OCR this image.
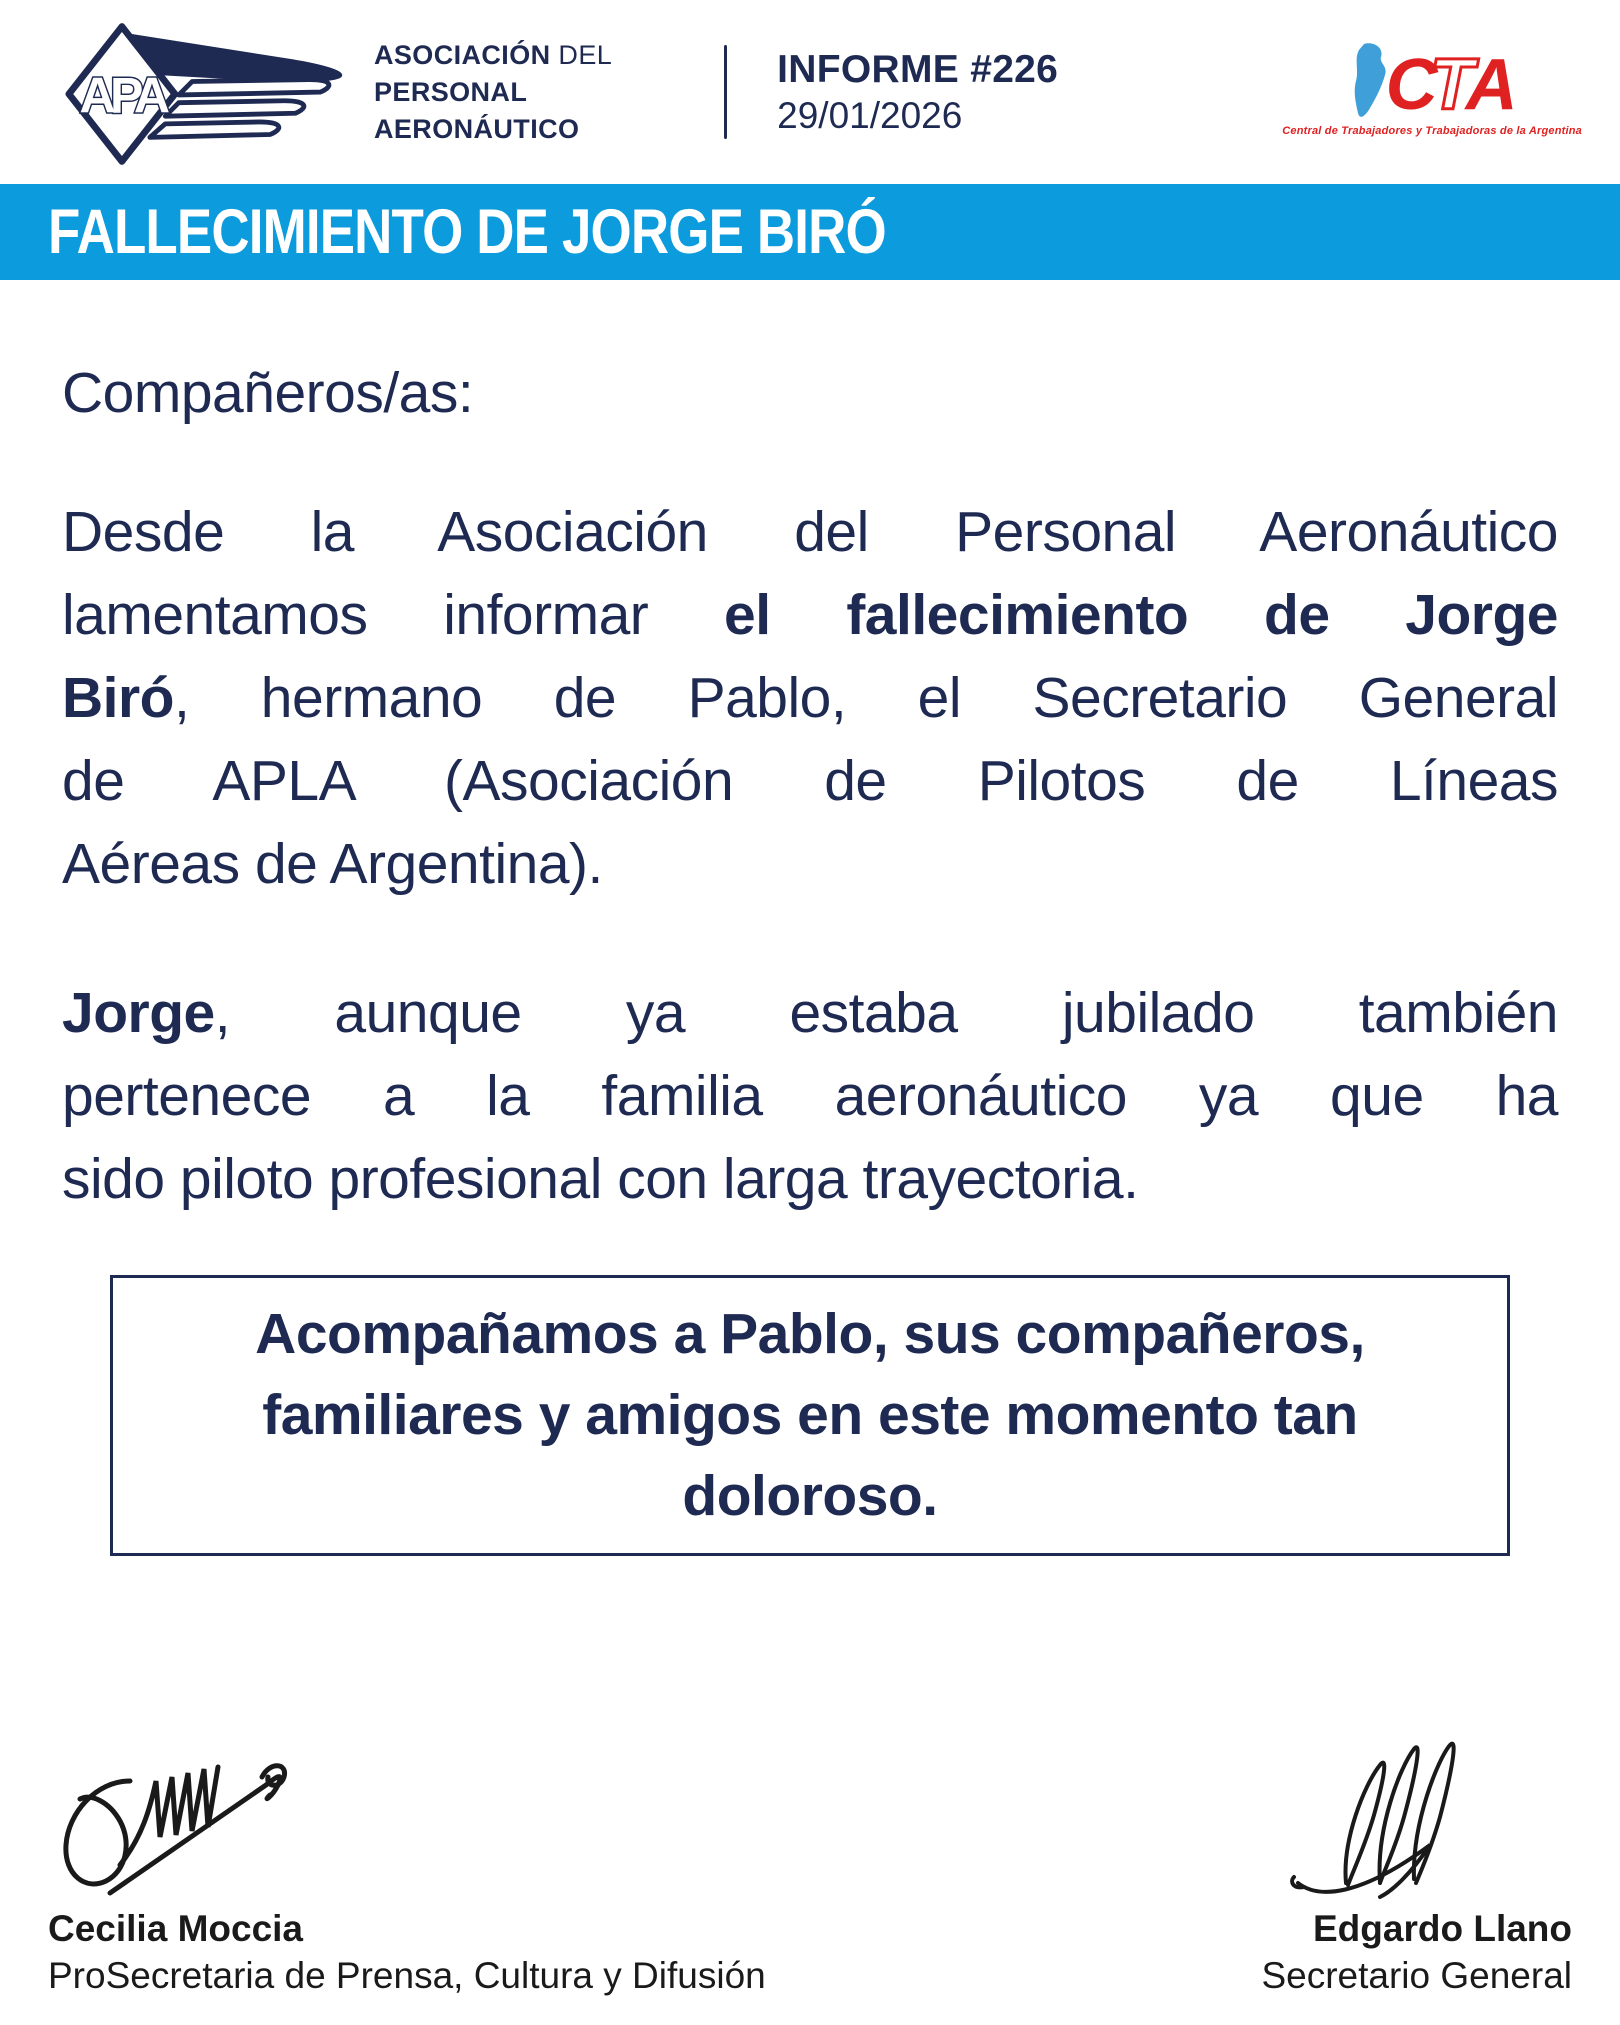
APA
ASOCIACIÓN DEL
PERSONAL
AERONÁUTICO
INFORME #226
29/01/2026	C
T
A
Central de Trabajadores y Trabajadoras de la Argentina
FALLECIMIENTO DE JORGE BIRÓ
Compañeros/as:
Desde la Asociación del Personal Aeronáutico
lamentamos informar el fallecimiento de Jorge
Biró, hermano de Pablo, el Secretario General
de APLA (Asociación de Pilotos de Líneas
Aéreas de Argentina).
Jorge, aunque ya estaba jubilado también
pertenece a la familia aeronáutico ya que ha
sido piloto profesional con larga trayectoria.
Acompañamos a Pablo, sus compañeros,
familiares y amigos en este momento tan
doloroso.
Cecilia Moccia
ProSecretaria de Prensa, Cultura y Difusión
Edgardo Llano
Secretario General
